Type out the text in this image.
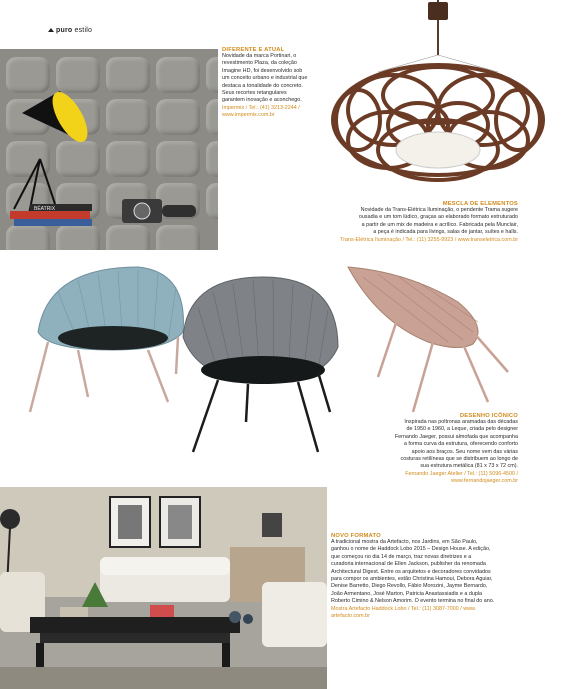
puro estilo
BÉATRIX
DIFERENTE E ATUAL
Novidade da marca Portinari, o
revestimento Plaza, da coleção
Imagine HD, foi desenvolvido sob
um conceito urbano e industrial que
destaca a tonalidade do concreto.
Seus recortes retangulares
garantem inovação e aconchego.
Impermix / Tel.: (41) 3213-2244 /
www.impermix.com.br
MESCLA DE ELEMENTOS
Novidade da Trans-Elétrica Iluminação, o pendente Trama sugere
ousadia e um tom lúdico, graças ao elaborado formato estruturado
a partir de um mix de madeira e acrílico. Fabricada pela Munclair,
a peça é indicada para livings, salas de jantar, suítes e halls.
Trans-Elétrica Iluminação / Tel.: (11) 3255-9923 / www.transeletrica.com.br
DESENHO ICÔNICO
Inspirada nas poltronas aramadas das décadas
de 1950 e 1960, a Leque, criada pelo designer
Fernando Jaeger, possui almofada que acompanha
a forma curva da estrutura, oferecendo conforto
apoio aos braços. Seu nome vem das várias
costuras retilíneas que se distribuem ao longo de
sua estrutura metálica (81 x 73 x 72 cm).
Fernando Jaeger Atelier / Tel.: (11) 5096-4500 /
www.fernandojaeger.com.br
NOVO FORMATO
A tradicional mostra da Artefacto, nos Jardins, em São Paulo,
ganhou o nome de Haddock Lobo 2015 – Design House. A edição,
que começou no dia 14 de março, traz novas diretrizes e a
curadoria internacional de Ellen Jackson, publisher da renomada
Architectural Digest. Entre os arquitetos e decoradores convidados
para compor os ambientes, estão Christina Hamoui, Debora Aguiar,
Denise Barretto, Diego Revollo, Fábio Morozini, Jayme Bernardo,
João Armentano, José Marton, Patricia Anastassiadis e a dupla
Roberto Cimino & Nelson Amorim. O evento termina no final do ano.
Mostra Artefacto Haddock Lobo / Tel.: (11) 3087-7000 / www.
artefacto.com.br
